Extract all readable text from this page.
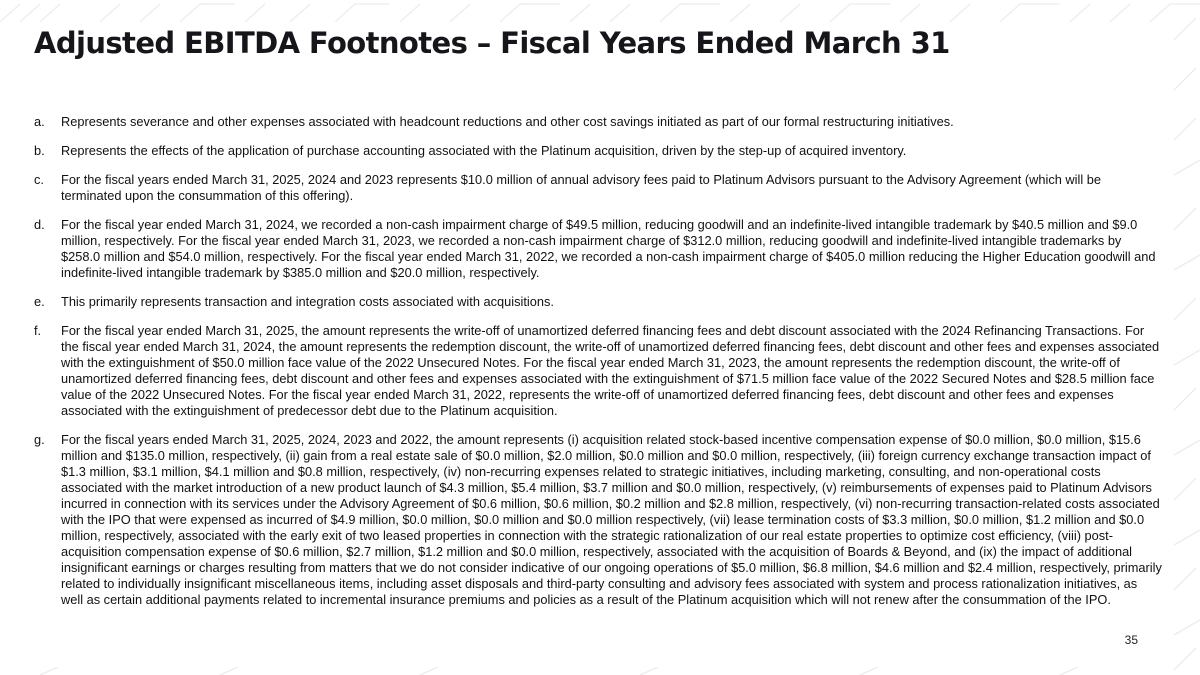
Adjusted EBITDA Footnotes – Fiscal Years Ended March 31
a.	Represents severance and other expenses associated with headcount reductions and other cost savings initiated as part of our formal restructuring initiatives.
b.	Represents the effects of the application of purchase accounting associated with the Platinum acquisition, driven by the step-up of acquired inventory.
c.	For the fiscal years ended March 31, 2025, 2024 and 2023 represents $10.0 million of annual advisory fees paid to Platinum Advisors pursuant to the Advisory Agreement (which will be terminated upon the consummation of this offering).
d.	For the fiscal year ended March 31, 2024, we recorded a non-cash impairment charge of $49.5 million, reducing goodwill and an indefinite-lived intangible trademark by $40.5 million and $9.0 million, respectively. For the fiscal year ended March 31, 2023, we recorded a non-cash impairment charge of $312.0 million, reducing goodwill and indefinite-lived intangible trademarks by $258.0 million and $54.0 million, respectively. For the fiscal year ended March 31, 2022, we recorded a non-cash impairment charge of $405.0 million reducing the Higher Education goodwill and indefinite-lived intangible trademark by $385.0 million and $20.0 million, respectively.
e.	This primarily represents transaction and integration costs associated with acquisitions.
f.	For the fiscal year ended March 31, 2025, the amount represents the write-off of unamortized deferred financing fees and debt discount associated with the 2024 Refinancing Transactions. For the fiscal year ended March 31, 2024, the amount represents the redemption discount, the write-off of unamortized deferred financing fees, debt discount and other fees and expenses associated with the extinguishment of $50.0 million face value of the 2022 Unsecured Notes. For the fiscal year ended March 31, 2023, the amount represents the redemption discount, the write-off of unamortized deferred financing fees, debt discount and other fees and expenses associated with the extinguishment of $71.5 million face value of the 2022 Secured Notes and $28.5 million face value of the 2022 Unsecured Notes. For the fiscal year ended March 31, 2022, represents the write-off of unamortized deferred financing fees, debt discount and other fees and expenses associated with the extinguishment of predecessor debt due to the Platinum acquisition.
g.	For the fiscal years ended March 31, 2025, 2024, 2023 and 2022, the amount represents (i) acquisition related stock-based incentive compensation expense of $0.0 million, $0.0 million, $15.6 million and $135.0 million, respectively, (ii) gain from a real estate sale of $0.0 million, $2.0 million, $0.0 million and $0.0 million, respectively, (iii) foreign currency exchange transaction impact of $1.3 million, $3.1 million, $4.1 million and $0.8 million, respectively, (iv) non-recurring expenses related to strategic initiatives, including marketing, consulting, and non-operational costs associated with the market introduction of a new product launch of $4.3 million, $5.4 million, $3.7 million and $0.0 million, respectively, (v) reimbursements of expenses paid to Platinum Advisors incurred in connection with its services under the Advisory Agreement of $0.6 million, $0.6 million, $0.2 million and $2.8 million, respectively, (vi) non-recurring transaction-related costs associated with the IPO that were expensed as incurred of $4.9 million, $0.0 million, $0.0 million and $0.0 million respectively, (vii) lease termination costs of $3.3 million, $0.0 million, $1.2 million and $0.0 million, respectively, associated with the early exit of two leased properties in connection with the strategic rationalization of our real estate properties to optimize cost efficiency, (viii) post-acquisition compensation expense of $0.6 million, $2.7 million, $1.2 million and $0.0 million, respectively, associated with the acquisition of Boards & Beyond, and (ix) the impact of additional insignificant earnings or charges resulting from matters that we do not consider indicative of our ongoing operations of $5.0 million, $6.8 million, $4.6 million and $2.4 million, respectively, primarily related to individually insignificant miscellaneous items, including asset disposals and third-party consulting and advisory fees associated with system and process rationalization initiatives, as well as certain additional payments related to incremental insurance premiums and policies as a result of the Platinum acquisition which will not renew after the consummation of the IPO.
35
